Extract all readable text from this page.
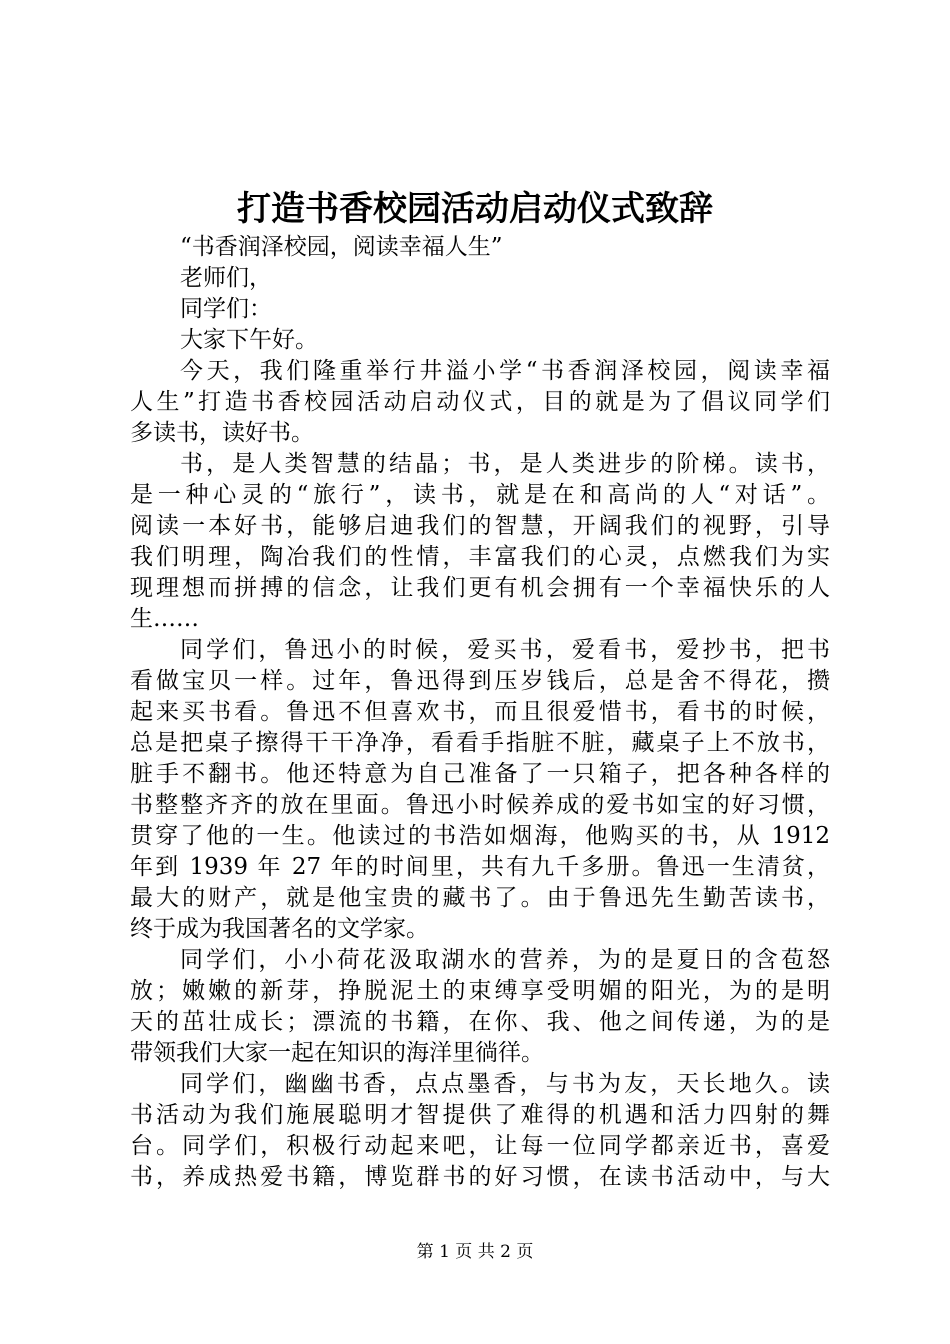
打造书香校园活动启动仪式致辞
“书香润泽校园，阅读幸福人生”
老师们，
同学们：
大家下午好。
今天，我们隆重举行井溢小学“书香润泽校园，阅读幸福
人生”打造书香校园活动启动仪式，目的就是为了倡议同学们
多读书，读好书。
书，是人类智慧的结晶；书，是人类进步的阶梯。读书，
是一种心灵的“旅行”，读书，就是在和高尚的人“对话”。
阅读一本好书，能够启迪我们的智慧，开阔我们的视野，引导
我们明理，陶冶我们的性情，丰富我们的心灵，点燃我们为实
现理想而拼搏的信念，让我们更有机会拥有一个幸福快乐的人
生……
同学们，鲁迅小的时候，爱买书，爱看书，爱抄书，把书
看做宝贝一样。过年，鲁迅得到压岁钱后，总是舍不得花，攒
起来买书看。鲁迅不但喜欢书，而且很爱惜书，看书的时候，
总是把桌子擦得干干净净，看看手指脏不脏，藏桌子上不放书，
脏手不翻书。他还特意为自己准备了一只箱子，把各种各样的
书整整齐齐的放在里面。鲁迅小时候养成的爱书如宝的好习惯，
贯穿了他的一生。他读过的书浩如烟海，他购买的书，从 1912
年到 1939 年 27 年的时间里，共有九千多册。鲁迅一生清贫，
最大的财产，就是他宝贵的藏书了。由于鲁迅先生勤苦读书，
终于成为我国著名的文学家。
同学们，小小荷花汲取湖水的营养，为的是夏日的含苞怒
放；嫩嫩的新芽，挣脱泥土的束缚享受明媚的阳光，为的是明
天的茁壮成长；漂流的书籍，在你、我、他之间传递，为的是
带领我们大家一起在知识的海洋里徜徉。
同学们，幽幽书香，点点墨香，与书为友，天长地久。读
书活动为我们施展聪明才智提供了难得的机遇和活力四射的舞
台。同学们，积极行动起来吧，让每一位同学都亲近书，喜爱
书，养成热爱书籍，博览群书的好习惯，在读书活动中，与大
第 1 页 共 2 页
